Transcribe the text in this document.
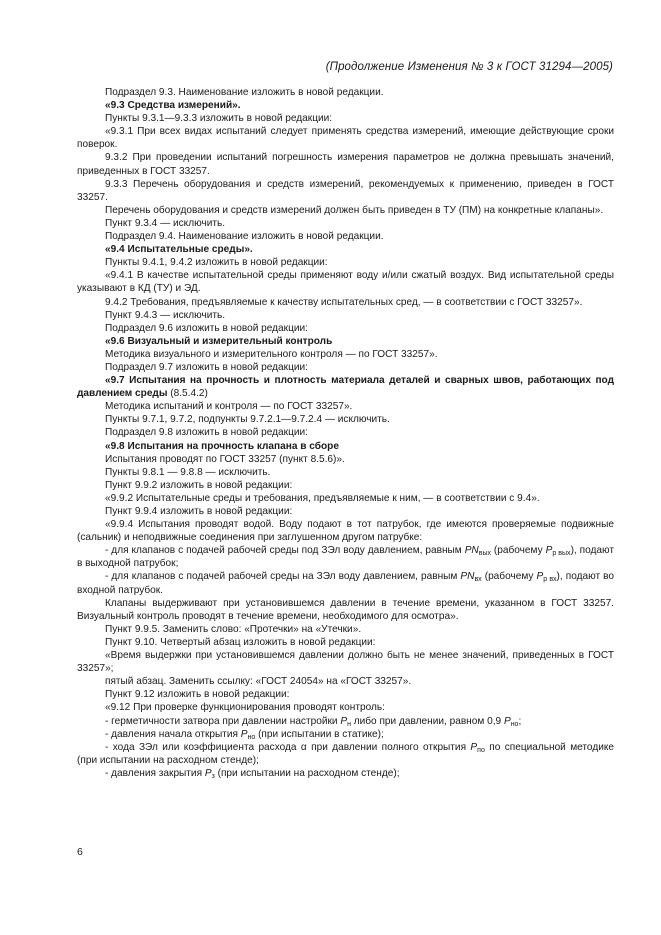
(Продолжение Изменения № 3 к ГОСТ 31294—2005)

Подраздел 9.3. Наименование изложить в новой редакции.

«9.3 Средства измерений».

Пункты 9.3.1—9.3.3 изложить в новой редакции:

«9.3.1 При всех видах испытаний следует применять средства измерений, имеющие действующие сроки поверок.

9.3.2 При проведении испытаний погрешность измерения параметров не должна превышать значений, приведенных в ГОСТ 33257.

9.3.3 Перечень оборудования и средств измерений, рекомендуемых к применению, приведен в ГОСТ 33257.

Перечень оборудования и средств измерений должен быть приведен в ТУ (ПМ) на конкретные клапаны».

Пункт 9.3.4 — исключить.

Подраздел 9.4. Наименование изложить в новой редакции.

«9.4 Испытательные среды».

Пункты 9.4.1, 9.4.2 изложить в новой редакции:

«9.4.1 В качестве испытательной среды применяют воду и/или сжатый воздух. Вид испытательной среды указывают в КД (ТУ) и ЭД.

9.4.2 Требования, предъявляемые к качеству испытательных сред, — в соответствии с ГОСТ 33257».

Пункт 9.4.3 — исключить.

Подраздел 9.6 изложить в новой редакции:

«9.6 Визуальный и измерительный контроль

Методика визуального и измерительного контроля — по ГОСТ 33257».

Подраздел 9.7 изложить в новой редакции:

«9.7 Испытания на прочность и плотность материала деталей и сварных швов, работающих под давлением среды (8.5.4.2)

Методика испытаний и контроля — по ГОСТ 33257».

Пункты 9.7.1, 9.7.2, подпункты 9.7.2.1—9.7.2.4 — исключить.

Подраздел 9.8 изложить в новой редакции:

«9.8 Испытания на прочность клапана в сборе

Испытания проводят по ГОСТ 33257 (пункт 8.5.6)».

Пункты 9.8.1 — 9.8.8 — исключить.

Пункт 9.9.2 изложить в новой редакции:

«9.9.2 Испытательные среды и требования, предъявляемые к ним, — в соответствии с 9.4».

Пункт 9.9.4 изложить в новой редакции:

«9.9.4 Испытания проводят водой. Воду подают в тот патрубок, где имеются проверяемые подвижные (сальник) и неподвижные соединения при заглушенном другом патрубке:

- для клапанов с подачей рабочей среды под ЗЭл воду давлением, равным $PN_{вых}$ (рабочему $P_{р вых}$), подают в выходной патрубок;

- для клапанов с подачей рабочей среды на ЗЭл воду давлением, равным $PN_{вх}$ (рабочему $P_{р вх}$), подают во входной патрубок.

Клапаны выдерживают при установившемся давлении в течение времени, указанном в ГОСТ 33257. Визуальный контроль проводят в течение времени, необходимого для осмотра».

Пункт 9.9.5. Заменить слово: «Протечки» на «Утечки».

Пункт 9.10. Четвертый абзац изложить в новой редакции:

«Время выдержки при установившемся давлении должно быть не менее значений, приведенных в ГОСТ 33257»;

пятый абзац. Заменить ссылку: «ГОСТ 24054» на «ГОСТ 33257».

Пункт 9.12 изложить в новой редакции:

«9.12 При проверке функционирования проводят контроль:

- герметичности затвора при давлении настройки $P_н$ либо при давлении, равном 0,9 $P_{но}$;

- давления начала открытия $P_{но}$ (при испытании в статике);

- хода ЗЭл или коэффициента расхода α при давлении полного открытия $P_{по}$ по специальной методике (при испытании на расходном стенде);

- давления закрытия $P_з$ (при испытании на расходном стенде);

6
